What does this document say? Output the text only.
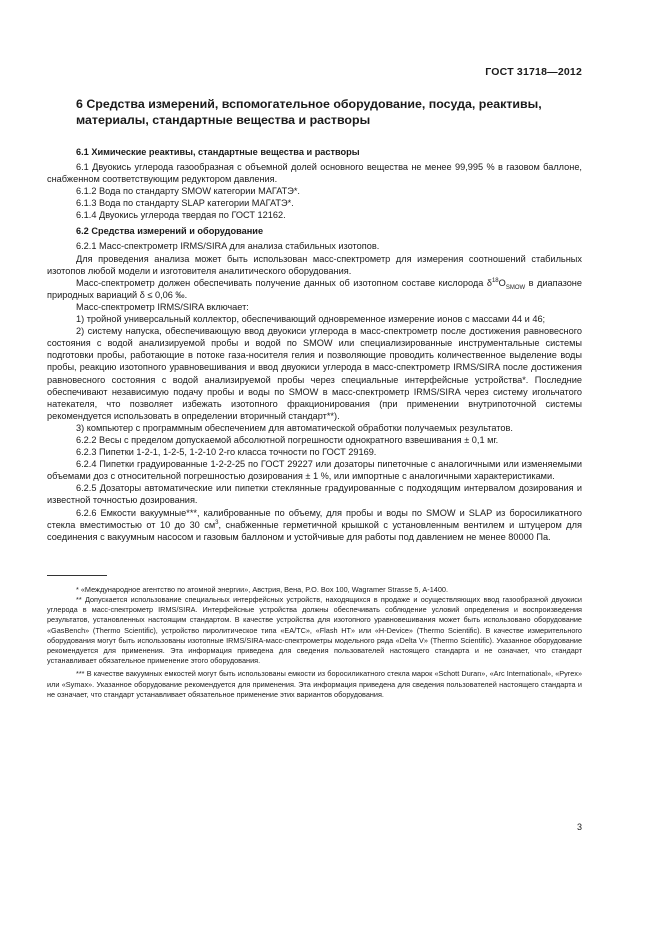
ГОСТ 31718—2012
6 Средства измерений, вспомогательное оборудование, посуда, реактивы, материалы, стандартные вещества и растворы
6.1 Химические реактивы, стандартные вещества и растворы

6.1 Двуокись углерода газообразная с объемной долей основного вещества не менее 99,995 % в газовом баллоне, снабженном соответствующим редуктором давления.

6.1.2 Вода по стандарту SMOW категории МАГАТЭ*.

6.1.3 Вода по стандарту SLAP категории МАГАТЭ*.

6.1.4 Двуокись углерода твердая по ГОСТ 12162.

6.2 Средства измерений и оборудование

6.2.1 Масс-спектрометр IRMS/SIRA для анализа стабильных изотопов.

Для проведения анализа может быть использован масс-спектрометр для измерения соотношений стабильных изотопов любой модели и изготовителя аналитического оборудования.

Масс-спектрометр должен обеспечивать получение данных об изотопном составе кислорода $\delta^{18}O_{SMOW}$ в диапазоне природных вариаций δ ≤ 0,06 ‰.

Масс-спектрометр IRMS/SIRA включает:

1) тройной универсальный коллектор, обеспечивающий одновременное измерение ионов с массами 44 и 46;

2) систему напуска, обеспечивающую ввод двуокиси углерода в масс-спектрометр после достижения равновесного состояния с водой анализируемой пробы и водой по SMOW или специализированные инструментальные системы подготовки пробы, работающие в потоке газа-носителя гелия и позволяющие проводить количественное выделение воды пробы, реакцию изотопного уравновешивания и ввод двуокиси углерода в масс-спектрометр IRMS/SIRA после достижения равновесного состояния с водой анализируемой пробы через специальные интерфейсные устройства*. Последние обеспечивают независимую подачу пробы и воды по SMOW в масс-спектрометр IRMS/SIRA через систему игольчатого натекателя, что позволяет избежать изотопного фракционирования (при применении внутрипоточной системы рекомендуется использовать в определении вторичный стандарт**).

3) компьютер с программным обеспечением для автоматической обработки получаемых результатов.

6.2.2 Весы с пределом допускаемой абсолютной погрешности однократного взвешивания ± 0,1 мг.

6.2.3 Пипетки 1-2-1, 1-2-5, 1-2-10 2-го класса точности по ГОСТ 29169.

6.2.4 Пипетки градуированные 1-2-2-25 по ГОСТ 29227 или дозаторы пипеточные с аналогичными или изменяемыми объемами доз с относительной погрешностью дозирования ± 1 %, или импортные с аналогичными характеристиками.

6.2.5 Дозаторы автоматические или пипетки стеклянные градуированные с подходящим интервалом дозирования и известной точностью дозирования.

6.2.6 Емкости вакуумные***, калиброванные по объему, для пробы и воды по SMOW и SLAP из боросиликатного стекла вместимостью от 10 до 30 $см^3$, снабженные герметичной крышкой с установленным вентилем и штуцером для соединения с вакуумным насосом и газовым баллоном и устойчивые для работы под давлением не менее 80000 Па.

* «Международное агентство по атомной энергии», Австрия, Вена, P.O. Box 100, Wagramer Strasse 5, А-1400.

** Допускается использование специальных интерфейсных устройств, находящихся в продаже и осуществляющих ввод газообразной двуокиси углерода в масс-спектрометр IRMS/SIRA. Интерфейсные устройства должны обеспечивать соблюдение условий определения и воспроизведения результатов, установленных настоящим стандартом. В качестве устройства для изотопного уравновешивания может быть использовано оборудование «GasBench» (Thermo Scientific), устройство пиролитическое типа «EA/TC», «Flash HT» или «H-Device» (Thermo Scientific). В качестве измерительного оборудования могут быть использованы изотопные IRMS/SIRA-масс-спектрометры модельного ряда «Delta V» (Thermo Scientific). Указанное оборудование рекомендуется для применения. Эта информация приведена для сведения пользователей настоящего стандарта и не означает, что стандарт устанавливает обязательное применение этого оборудования.

*** В качестве вакуумных емкостей могут быть использованы емкости из боросиликатного стекла марок «Schott Duran», «Arc International», «Pyrex» или «Symax». Указанное оборудование рекомендуется для применения. Эта информация приведена для сведения пользователей настоящего стандарта и не означает, что стандарт устанавливает обязательное применение этих вариантов оборудования.

3
